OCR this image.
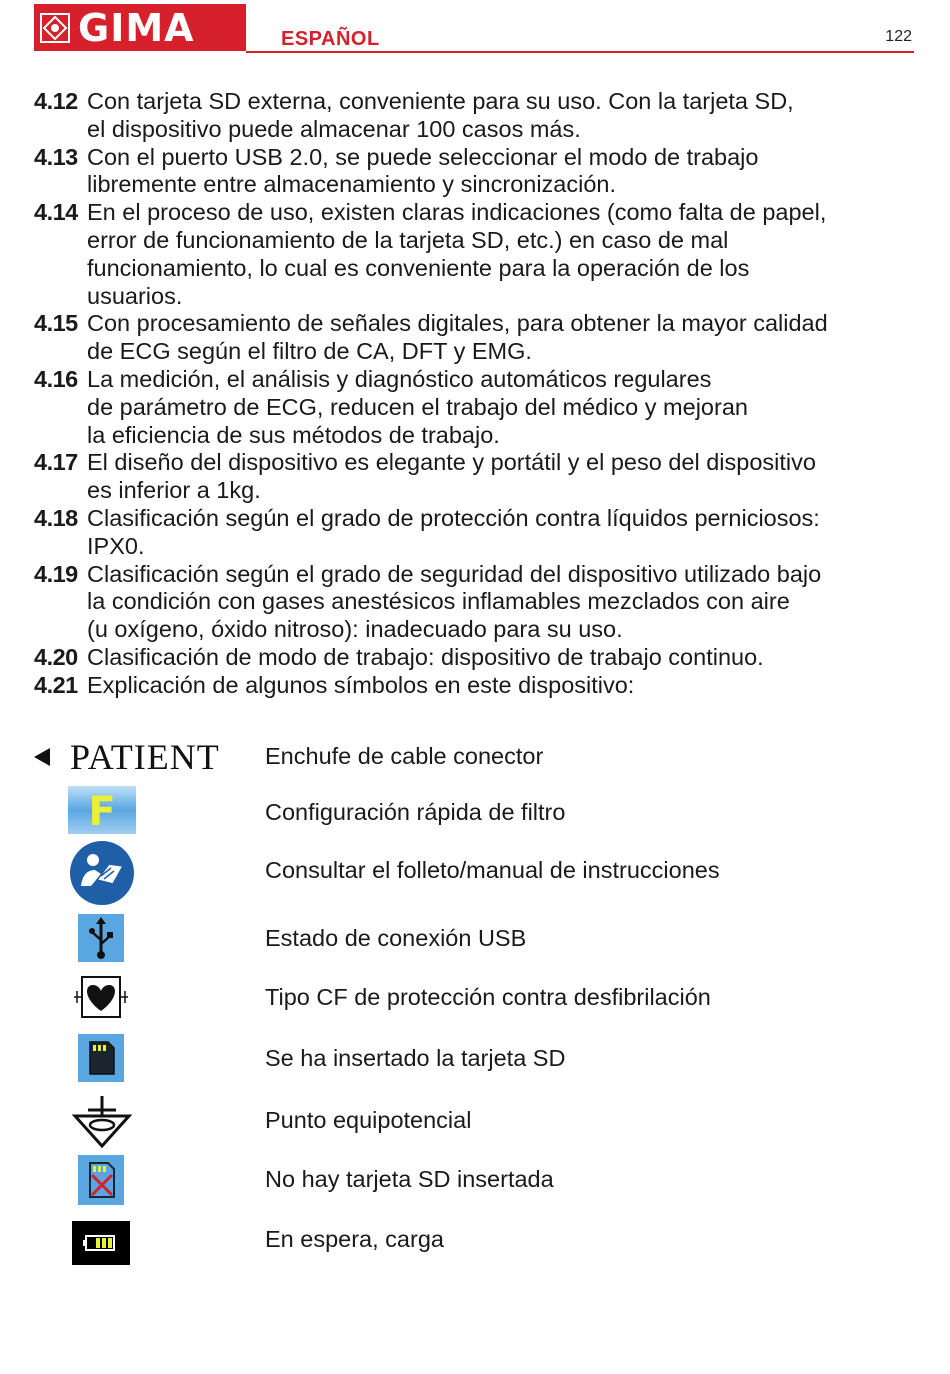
GIMA	ESPAÑOL	122
4.12 Con tarjeta SD externa, conveniente para su uso. Con la tarjeta SD,
el dispositivo puede almacenar 100 casos más.
4.13 Con el puerto USB 2.0, se puede seleccionar el modo de trabajo
libremente entre almacenamiento y sincronización.
4.14 En el proceso de uso, existen claras indicaciones (como falta de papel,
error de funcionamiento de la tarjeta SD, etc.) en caso de mal
funcionamiento, lo cual es conveniente para la operación de los
usuarios.
4.15 Con procesamiento de señales digitales, para obtener la mayor calidad
de ECG según el filtro de CA, DFT y EMG.
4.16 La medición, el análisis y diagnóstico automáticos regulares
de parámetro de ECG, reducen el trabajo del médico y mejoran
la eficiencia de sus métodos de trabajo.
4.17 El diseño del dispositivo es elegante y portátil y el peso del dispositivo
es inferior a 1kg.
4.18 Clasificación según el grado de protección contra líquidos perniciosos:
IPX0.
4.19 Clasificación según el grado de seguridad del dispositivo utilizado bajo
la condición con gases anestésicos inflamables mezclados con aire
(u oxígeno, óxido nitroso): inadecuado para su uso.
4.20 Clasificación de modo de trabajo: dispositivo de trabajo continuo.
4.21 Explicación de algunos símbolos en este dispositivo:
PATIENT Enchufe de cable conector
F	Configuración rápida de filtro
Consultar el folleto/manual de instrucciones
Estado de conexión USB
Tipo CF de protección contra desfibrilación
Se ha insertado la tarjeta SD
Punto equipotencial
No hay tarjeta SD insertada
En espera, carga
